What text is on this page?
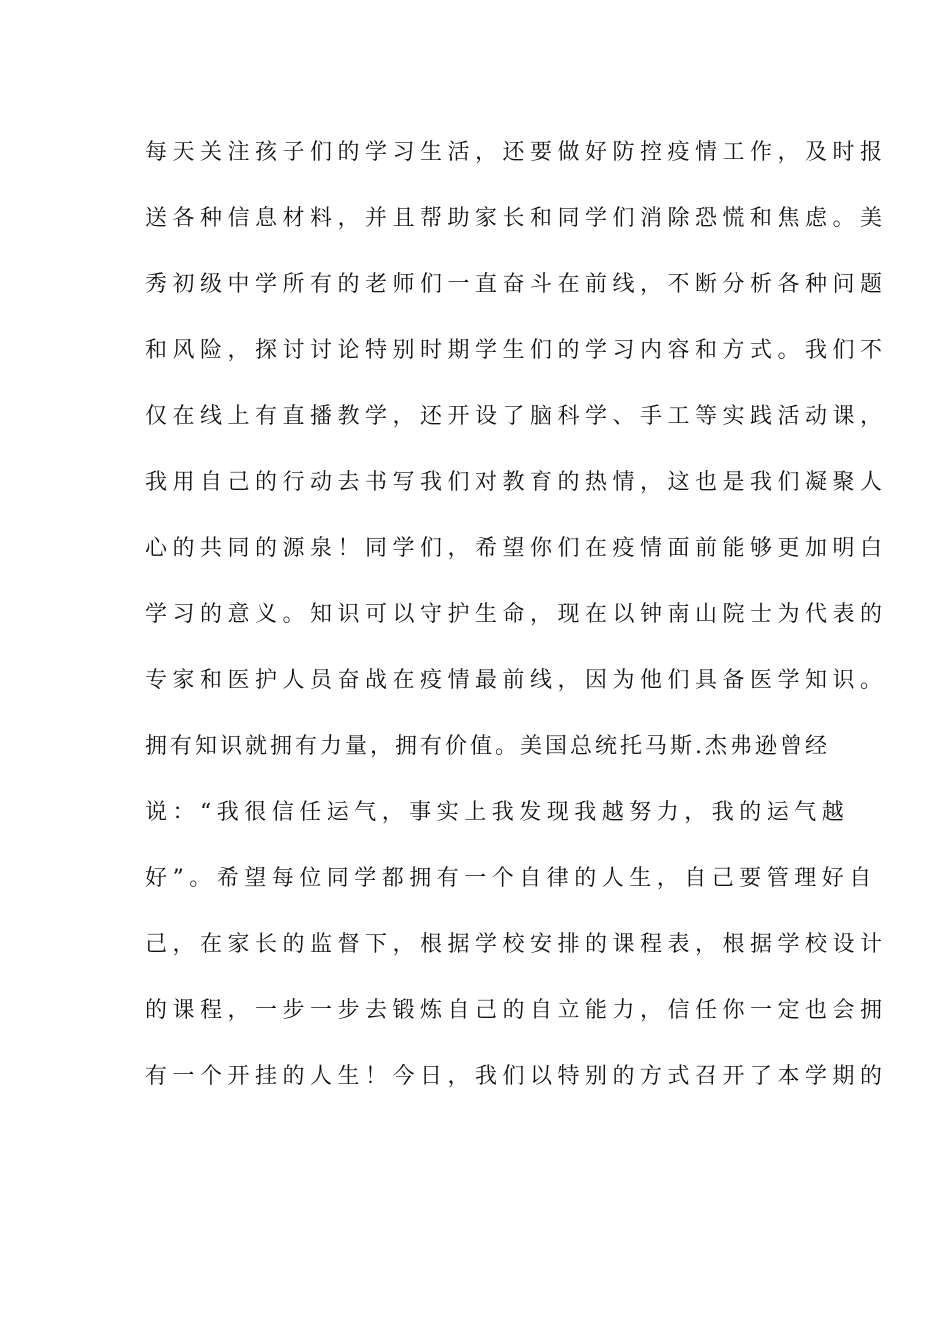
每天关注孩子们的学习生活，还要做好防控疫情工作，及时报
送各种信息材料，并且帮助家长和同学们消除恐慌和焦虑。美
秀初级中学所有的老师们一直奋斗在前线，不断分析各种问题
和风险，探讨讨论特别时期学生们的学习内容和方式。我们不
仅在线上有直播教学，还开设了脑科学、手工等实践活动课，
我用自己的行动去书写我们对教育的热情，这也是我们凝聚人
心的共同的源泉！同学们，希望你们在疫情面前能够更加明白
学习的意义。知识可以守护生命，现在以钟南山院士为代表的
专家和医护人员奋战在疫情最前线，因为他们具备医学知识。
拥有知识就拥有力量，拥有价值。美国总统托马斯.杰弗逊曾经
说：“我很信任运气，事实上我发现我越努力，我的运气越
好”。希望每位同学都拥有一个自律的人生，自己要管理好自
己，在家长的监督下，根据学校安排的课程表，根据学校设计
的课程，一步一步去锻炼自己的自立能力，信任你一定也会拥
有一个开挂的人生！今日，我们以特别的方式召开了本学期的
